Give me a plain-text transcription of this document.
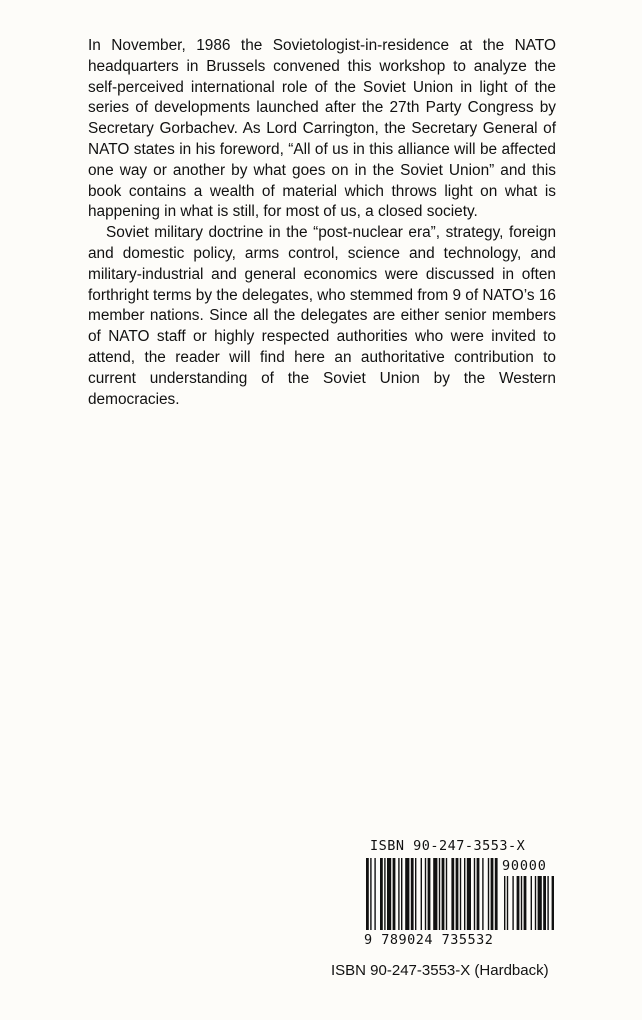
In November, 1986 the Sovietologist-in-residence at the NATO headquarters in Brussels convened this workshop to analyze the self-perceived international role of the Soviet Union in light of the series of developments launched after the 27th Party Congress by Secretary Gorbachev. As Lord Carrington, the Secretary General of NATO states in his foreword, “All of us in this alliance will be affected one way or another by what goes on in the Soviet Union” and this book contains a wealth of material which throws light on what is happening in what is still, for most of us, a closed society.

Soviet military doctrine in the “post-nuclear era”, strategy, foreign and domestic policy, arms control, science and technology, and military-industrial and general economics were discussed in often forthright terms by the delegates, who stemmed from 9 of NATO’s 16 member nations. Since all the delegates are either senior members of NATO staff or highly respected authorities who were invited to attend, the reader will find here an authoritative contribution to current understanding of the Soviet Union by the Western democracies.

ISBN 90-247-3553-X
90000
9 789024 735532
ISBN 90-247-3553-X (Hardback)
